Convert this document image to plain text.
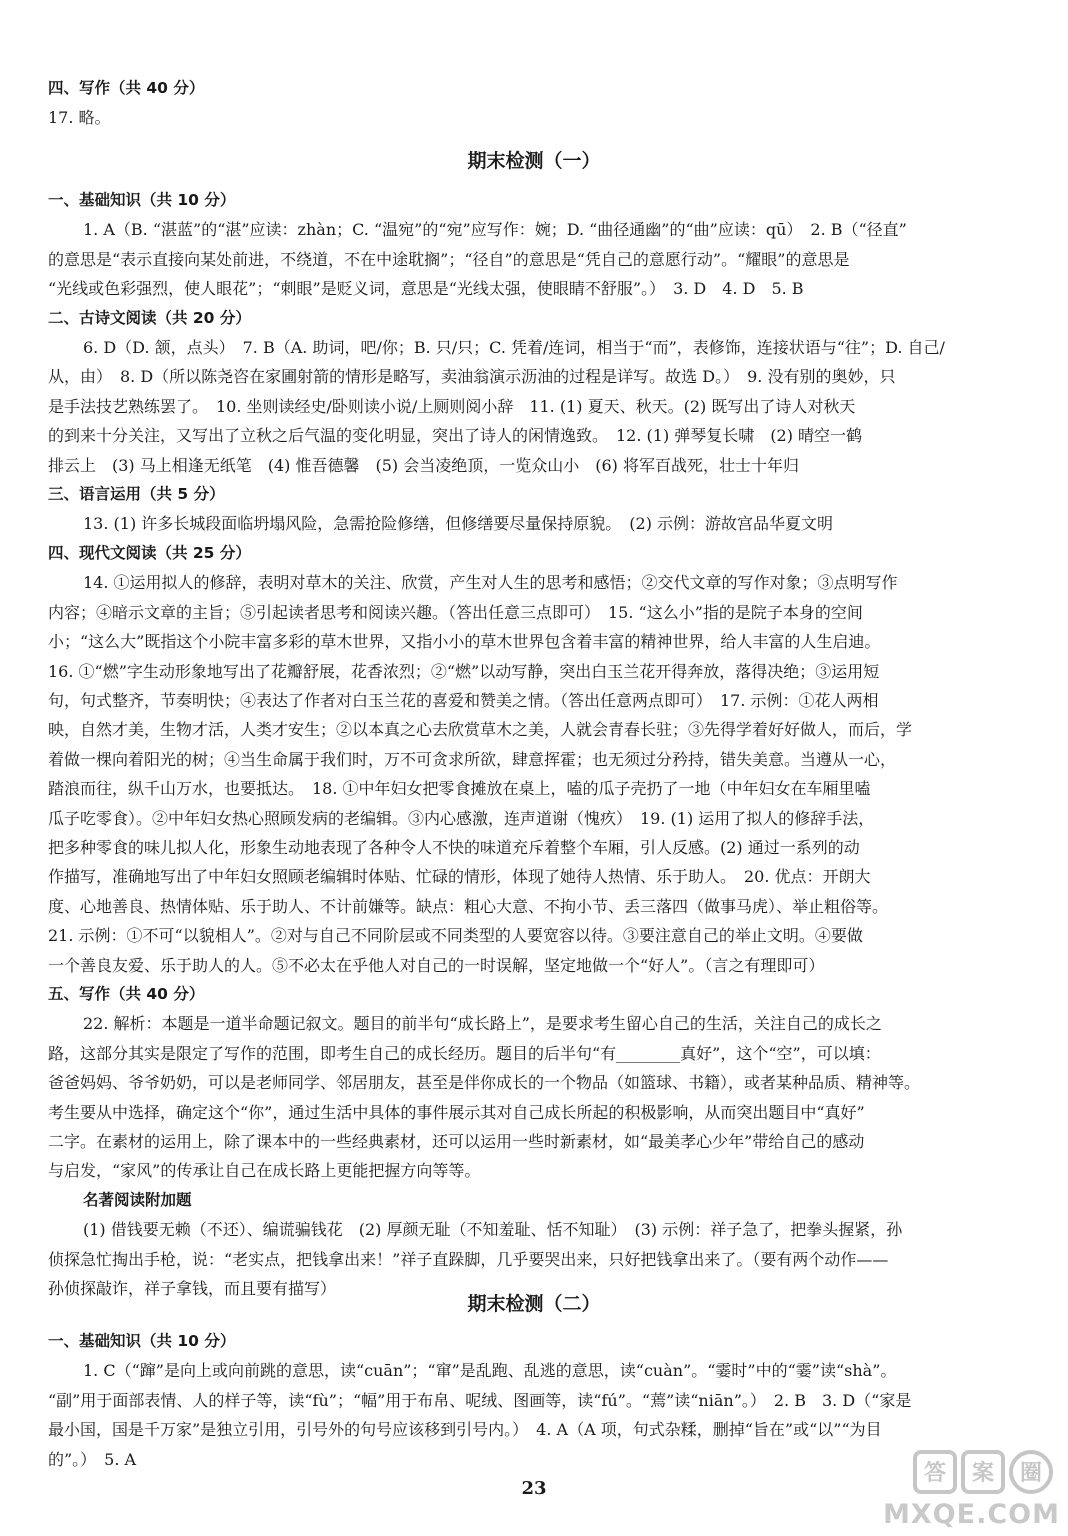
四、写作（共 40 分）
17. 略。
期末检测（一）
一、基础知识（共 10 分）
1. A（B. “湛蓝”的“湛”应读：zhàn；C. “温宛”的“宛”应写作：婉；D. “曲径通幽”的“曲”应读：qū）　2. B（“径直”
的意思是“表示直接向某处前进，不绕道，不在中途耽搁”；“径自”的意思是“凭自己的意愿行动”。“耀眼”的意思是
“光线或色彩强烈，使人眼花”；“刺眼”是贬义词，意思是“光线太强，使眼睛不舒服”。）　3. D　4. D　5. B
二、古诗文阅读（共 20 分）
6. D（D. 颔，点头）　7. B（A. 助词，吧/你；B. 只/只；C. 凭着/连词，相当于“而”，表修饰，连接状语与“往”；D. 自己/
从，由）　8. D（所以陈尧咨在家圃射箭的情形是略写，卖油翁演示沥油的过程是详写。故选 D。）　9. 没有别的奥妙，只
是手法技艺熟练罢了。　10. 坐则读经史/卧则读小说/上厕则阅小辞　11. (1) 夏天、秋天。(2) 既写出了诗人对秋天
的到来十分关注，又写出了立秋之后气温的变化明显，突出了诗人的闲情逸致。　12. (1) 弹琴复长啸　(2) 晴空一鹤
排云上　(3) 马上相逢无纸笔　(4) 惟吾德馨　(5) 会当凌绝顶，一览众山小　(6) 将军百战死，壮士十年归
三、语言运用（共 5 分）
13. (1) 许多长城段面临坍塌风险，急需抢险修缮，但修缮要尽量保持原貌。　(2) 示例：游故宫品华夏文明
四、现代文阅读（共 25 分）
14. ①运用拟人的修辞，表明对草木的关注、欣赏，产生对人生的思考和感悟；②交代文章的写作对象；③点明写作
内容；④暗示文章的主旨；⑤引起读者思考和阅读兴趣。（答出任意三点即可）　15. “这么小”指的是院子本身的空间
小；“这么大”既指这个小院丰富多彩的草木世界，又指小小的草木世界包含着丰富的精神世界，给人丰富的人生启迪。
16. ①“燃”字生动形象地写出了花瓣舒展，花香浓烈；②“燃”以动写静，突出白玉兰花开得奔放，落得决绝；③运用短
句，句式整齐，节奏明快；④表达了作者对白玉兰花的喜爱和赞美之情。（答出任意两点即可）　17. 示例：①花人两相
映，自然才美，生物才活，人类才安生；②以本真之心去欣赏草木之美，人就会青春长驻；③先得学着好好做人，而后，学
着做一棵向着阳光的树；④当生命属于我们时，万不可贪求所欲，肆意挥霍；也无须过分矜持，错失美意。当遵从一心，
踏浪而往，纵千山万水，也要抵达。　18. ①中年妇女把零食摊放在桌上，嗑的瓜子壳扔了一地（中年妇女在车厢里嗑
瓜子吃零食）。②中年妇女热心照顾发病的老编辑。③内心感激，连声道谢（愧疚）　19. (1) 运用了拟人的修辞手法，
把多种零食的味儿拟人化，形象生动地表现了各种令人不快的味道充斥着整个车厢，引人反感。(2) 通过一系列的动
作描写，准确地写出了中年妇女照顾老编辑时体贴、忙碌的情形，体现了她待人热情、乐于助人。　20. 优点：开朗大
度、心地善良、热情体贴、乐于助人、不计前嫌等。缺点：粗心大意、不拘小节、丢三落四（做事马虎）、举止粗俗等。
21. 示例：①不可“以貌相人”。②对与自己不同阶层或不同类型的人要宽容以待。③要注意自己的举止文明。④要做
一个善良友爱、乐于助人的人。⑤不必太在乎他人对自己的一时误解，坚定地做一个“好人”。（言之有理即可）
五、写作（共 40 分）
22. 解析：本题是一道半命题记叙文。题目的前半句“成长路上”，是要求考生留心自己的生活，关注自己的成长之
路，这部分其实是限定了写作的范围，即考生自己的成长经历。题目的后半句“有________真好”，这个“空”，可以填：
爸爸妈妈、爷爷奶奶，可以是老师同学、邻居朋友，甚至是伴你成长的一个物品（如篮球、书籍），或者某种品质、精神等。
考生要从中选择，确定这个“你”，通过生活中具体的事件展示其对自己成长所起的积极影响，从而突出题目中“真好”
二字。在素材的运用上，除了课本中的一些经典素材，还可以运用一些时新素材，如“最美孝心少年”带给自己的感动
与启发，“家风”的传承让自己在成长路上更能把握方向等等。
名著阅读附加题
(1) 借钱要无赖（不还）、编谎骗钱花　(2) 厚颜无耻（不知羞耻、恬不知耻）　(3) 示例：祥子急了，把拳头握紧，孙
侦探急忙掏出手枪，说：“老实点，把钱拿出来！”祥子直跺脚，几乎要哭出来，只好把钱拿出来了。（要有两个动作——
孙侦探敲诈，祥子拿钱，而且要有描写）
期末检测（二）
一、基础知识（共 10 分）
1. C（“蹿”是向上或向前跳的意思，读“cuān”；“窜”是乱跑、乱逃的意思，读“cuàn”。“霎时”中的“霎”读“shà”。
“副”用于面部表情、人的样子等，读“fù”；“幅”用于布帛、呢绒、图画等，读“fú”。“蔫”读“niān”。）　2. B　3. D（“家是
最小国，国是千万家”是独立引用，引号外的句号应该移到引号内。）　4. A（A 项，句式杂糅，删掉“旨在”或“以”“为目
的”。）　5. A
23
答 案 圈
MXQE.COM
